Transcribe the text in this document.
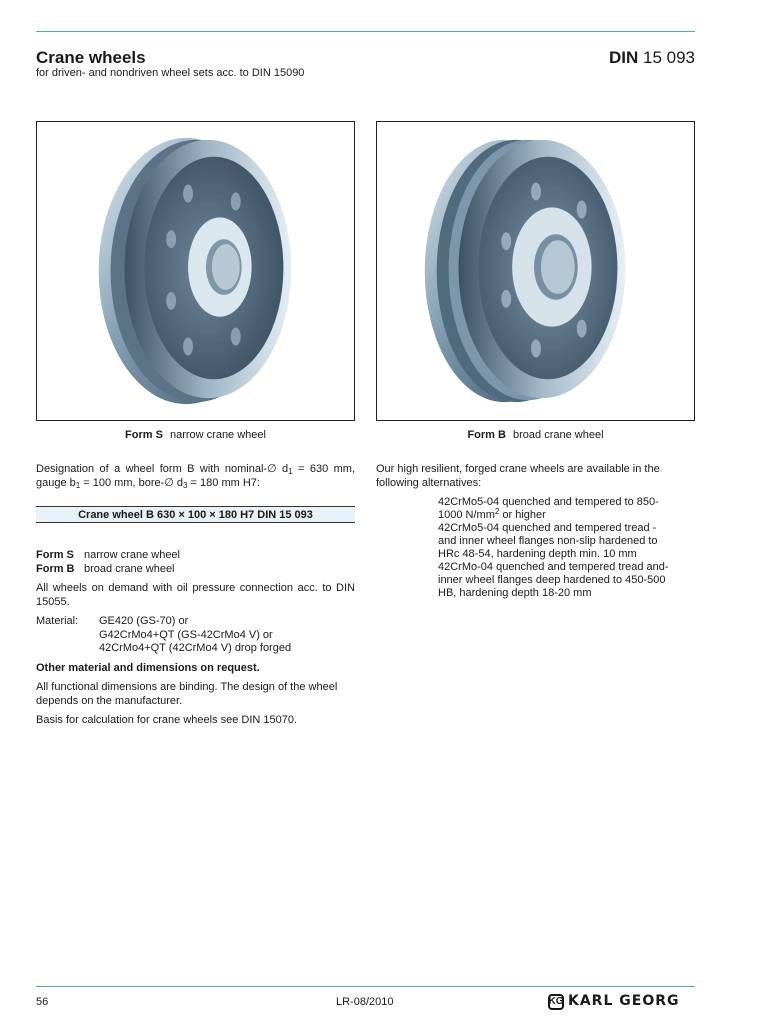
Crane wheels	DIN 15 093
for driven- and nondriven wheel sets acc. to DIN 15090
Form S narrow crane wheel	Form B broad crane wheel
Designation of a wheel form B with nominal-∅ $d_1 = 630$ mm, gauge $b_1 = 100$ mm, bore-∅ $d_3 = 180$ mm H7:
Crane wheel B 630 × 100 × 180 H7 DIN 15 093
Form S narrow crane wheel
Form B broad crane wheel
All wheels on demand with oil pressure connection acc. to DIN 15055.
Material:	GE420 (GS-70) or
G42CrMo4+QT (GS-42CrMo4 V) or
42CrMo4+QT (42CrMo4 V) drop forged
Other material and dimensions on request.
All functional dimensions are binding. The design of the wheel depends on the manufacturer.
Basis for calculation for crane wheels see DIN 15070.
Our high resilient, forged crane wheels are available in the following alternatives:
42CrMo5-04 quenched and tempered to 850-
1000 $N/mm^2$ or higher
42CrMo5-04 quenched and tempered tread -
and inner wheel flanges non-slip hardened to
HRc 48-54, hardening depth min. 10 mm
42CrMo-04 quenched and tempered tread and-
inner wheel flanges deep hardened to 450-500
HB, hardening depth 18-20 mm
56	LR-08/2010	KG KARL GEORG
